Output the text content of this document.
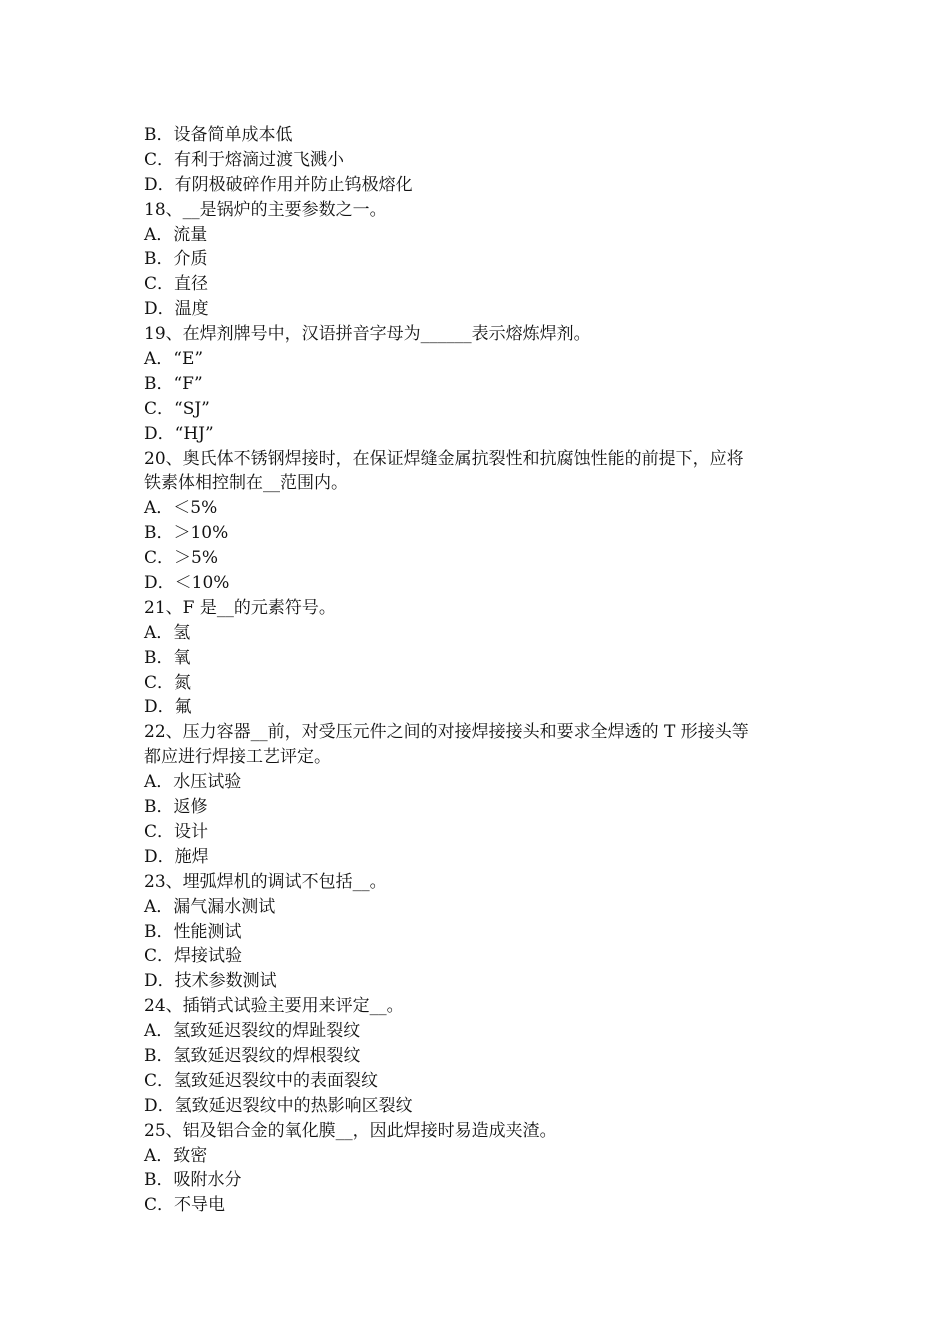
B．设备简单成本低
C．有利于熔滴过渡飞溅小
D．有阴极破碎作用并防止钨极熔化
18、__是锅炉的主要参数之一。
A．流量
B．介质
C．直径
D．温度
19、在焊剂牌号中，汉语拼音字母为______表示熔炼焊剂。
A．“E”
B．“F”
C．“SJ”
D．“HJ”
20、奥氏体不锈钢焊接时，在保证焊缝金属抗裂性和抗腐蚀性能的前提下，应将
铁素体相控制在__范围内。
A．＜5%
B．＞10%
C．＞5%
D．＜10%
21、F 是__的元素符号。
A．氢
B．氧
C．氮
D．氟
22、压力容器__前，对受压元件之间的对接焊接接头和要求全焊透的 T 形接头等
都应进行焊接工艺评定。
A．水压试验
B．返修
C．设计
D．施焊
23、埋弧焊机的调试不包括__。
A．漏气漏水测试
B．性能测试
C．焊接试验
D．技术参数测试
24、插销式试验主要用来评定__。
A．氢致延迟裂纹的焊趾裂纹
B．氢致延迟裂纹的焊根裂纹
C．氢致延迟裂纹中的表面裂纹
D．氢致延迟裂纹中的热影响区裂纹
25、铝及铝合金的氧化膜__，因此焊接时易造成夹渣。
A．致密
B．吸附水分
C．不导电
